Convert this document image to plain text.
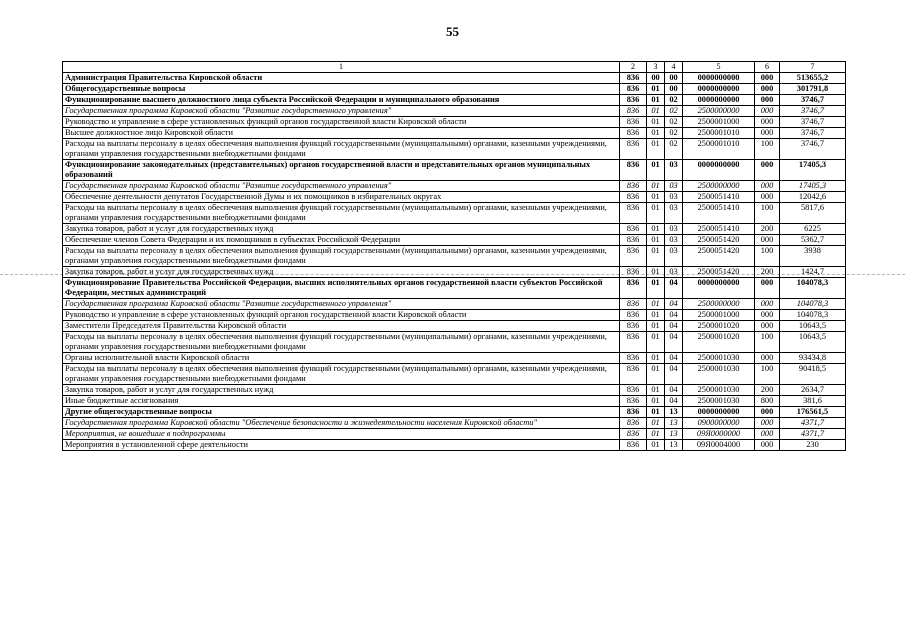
55
1	2	3	4	5	6	7
Администрация Правительства Кировской области	836	00	00	0000000000	000	513655,2
Общегосударственные вопросы	836	01	00	0000000000	000	301791,8
Функционирование высшего должностного лица субъекта Российской Федерации и муниципального образования	836	01	02	0000000000	000	3746,7
Государственная программа Кировской области "Развитие государственного управления"	836	01	02	2500000000	000	3746,7
Руководство и управление в сфере установленных функций органов государственной власти Кировской области	836	01	02	2500001000	000	3746,7
Высшее должностное лицо Кировской области	836	01	02	2500001010	000	3746,7
Расходы на выплаты персоналу в целях обеспечения выполнения функций государственными (муниципальными) органами, казенными учреждениями, органами управления государственными внебюджетными фондами	836	01	02	2500001010	100	3746,7
Функционирование законодательных (представительных) органов государственной власти и представительных органов муниципальных образований	836	01	03	0000000000	000	17405,3
Государственная программа Кировской области "Развитие государственного управления"	836	01	03	2500000000	000	17405,3
Обеспечение деятельности депутатов Государственной Думы и их помощников в избирательных округах	836	01	03	2500051410	000	12042,6
Расходы на выплаты персоналу в целях обеспечения выполнения функций государственными (муниципальными) органами, казенными учреждениями, органами управления государственными внебюджетными фондами	836	01	03	2500051410	100	5817,6
Закупка товаров, работ и услуг для государственных нужд	836	01	03	2500051410	200	6225
Обеспечение членов Совета Федерации и их помощников в субъектах Российской Федерации	836	01	03	2500051420	000	5362,7
Расходы на выплаты персоналу в целях обеспечения выполнения функций государственными (муниципальными) органами, казенными учреждениями, органами управления государственными внебюджетными фондами	836	01	03	2500051420	100	3938
Закупка товаров, работ и услуг для государственных нужд	836	01	03	2500051420	200	1424,7
Функционирование Правительства Российской Федерации, высших исполнительных органов государственной власти субъектов Российской Федерации, местных администраций	836	01	04	0000000000	000	104078,3
Государственная программа Кировской области "Развитие государственного управления"	836	01	04	2500000000	000	104078,3
Руководство и управление в сфере установленных функций органов государственной власти Кировской области	836	01	04	2500001000	000	104078,3
Заместители Председателя Правительства Кировской области	836	01	04	2500001020	000	10643,5
Расходы на выплаты персоналу в целях обеспечения выполнения функций государственными (муниципальными) органами, казенными учреждениями, органами управления государственными внебюджетными фондами	836	01	04	2500001020	100	10643,5
Органы исполнительной власти Кировской области	836	01	04	2500001030	000	93434,8
Расходы на выплаты персоналу в целях обеспечения выполнения функций государственными (муниципальными) органами, казенными учреждениями, органами управления государственными внебюджетными фондами	836	01	04	2500001030	100	90418,5
Закупка товаров, работ и услуг для государственных нужд	836	01	04	2500001030	200	2634,7
Иные бюджетные ассигнования	836	01	04	2500001030	800	381,6
Другие общегосударственные вопросы	836	01	13	0000000000	000	176561,5
Государственная программа Кировской области "Обеспечение безопасности и жизнедеятельности населения Кировской области"	836	01	13	0900000000	000	4371,7
Мероприятия, не вошедшие в подпрограммы	836	01	13	09Я0000000	000	4371,7
Мероприятия в установленной сфере деятельности	836	01	13	09Я0004000	000	230
